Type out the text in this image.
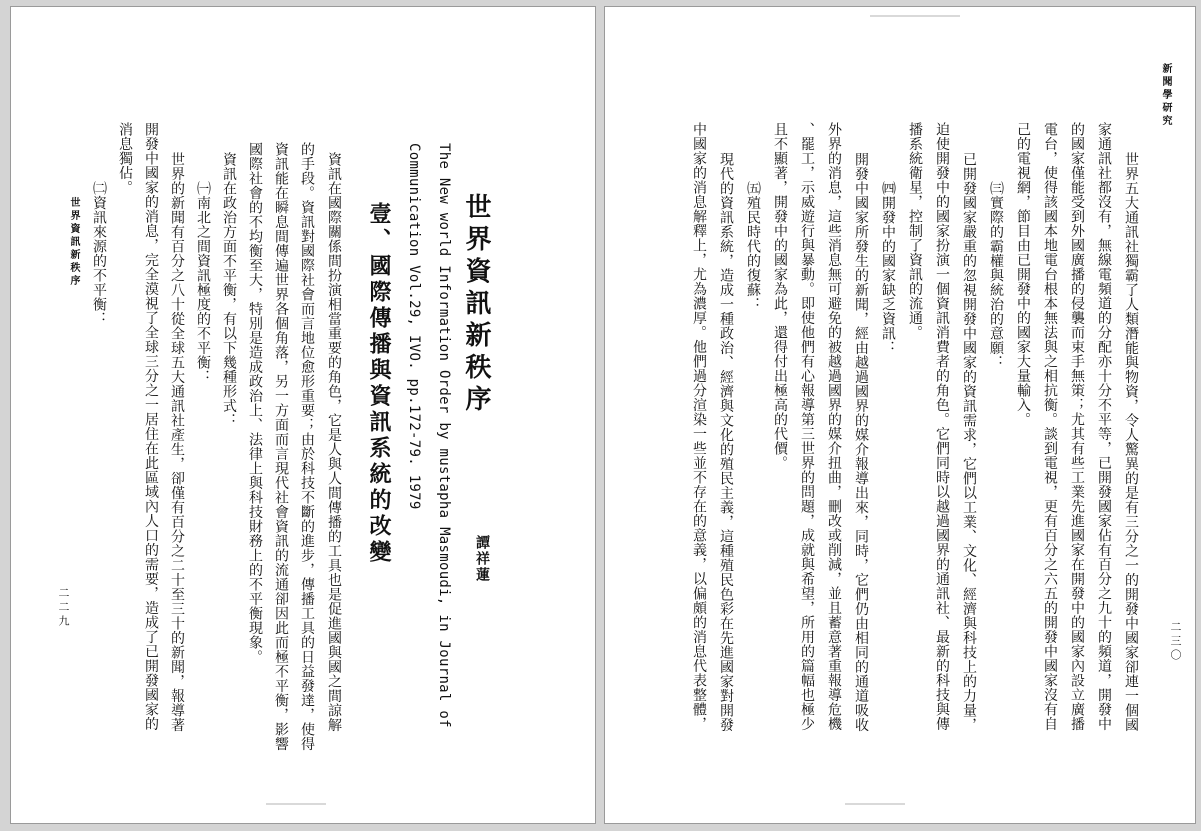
世界資訊新秩序
譚祥蓮
The New world Information Order by mustapha Masmoudi, in Journal of
Communication Vol.29, IVO. pp.172-79. 1979
壹、國際傳播與資訊系統的改變
資訊在國際關係間扮演相當重要的角色，它是人與人間傳播的工具也是促進國與國之間諒解
的手段。資訊對國際社會而言地位愈形重要；由於科技不斷的進步，傳播工具的日益發達，使得
資訊能在瞬息間傳遍世界各個角落，另一方面而言現代社會資訊的流通卻因此而極不平衡，影響
國際社會的不均衡至大，特別是造成政治上、法律上與科技財務上的不平衡現象。
資訊在政治方面不平衡，有以下幾種形式：
㈠南北之間資訊極度的不平衡：
世界的新聞有百分之八十從全球五大通訊社產生，卻僅有百分之二十至三十的新聞，報導著
開發中國家的消息，完全漠視了全球三分之一居住在此區域內人口的需要，造成了已開發國家的
消息獨佔。
㈡資訊來源的不平衡：
世界資訊新秩序
二二九
新聞學研究
二三〇
世界五大通訊社獨霸了人類潛能與物資，令人驚異的是有三分之一的開發中國家卻連一個國
家通訊社都沒有，無線電頻道的分配亦十分不平等，已開發國家佔有百分之九十的頻道，開發中
的國家僅能受到外國廣播的侵襲而束手無策；尤其有些工業先進國家在開發中的國家內設立廣播
電台，使得該國本地電台根本無法與之相抗衡。談到電視，更有百分之六五的開發中國家沒有自
己的電視網，節目由已開發中的國家大量輸入。
㈢實際的霸權與統治的意願：
已開發國家嚴重的忽視開發中國家的資訊需求，它們以工業、文化、經濟與科技上的力量，
迫使開發中的國家扮演一個資訊消費者的角色。它們同時以越過國界的通訊社、最新的科技與傳
播系統衛星，控制了資訊的流通。
㈣開發中的國家缺乏資訊：
開發中國家所發生的新聞，經由越過國界的媒介報導出來，同時，它們仍由相同的通道吸收
外界的消息，這些消息無可避免的被越過國界的媒介扭曲，刪改或削減，並且蓄意著重報導危機
、罷工，示威遊行與暴動。即使他們有心報導第三世界的問題，成就與希望，所用的篇幅也極少
且不顯著，開發中的國家為此，還得付出極高的代價。
㈤殖民時代的復蘇：
現代的資訊系統，造成一種政治、經濟與文化的殖民主義，這種殖民色彩在先進國家對開發
中國家的消息解釋上，尤為濃厚。他們過分渲染一些並不存在的意義，以偏頗的消息代表整體，
